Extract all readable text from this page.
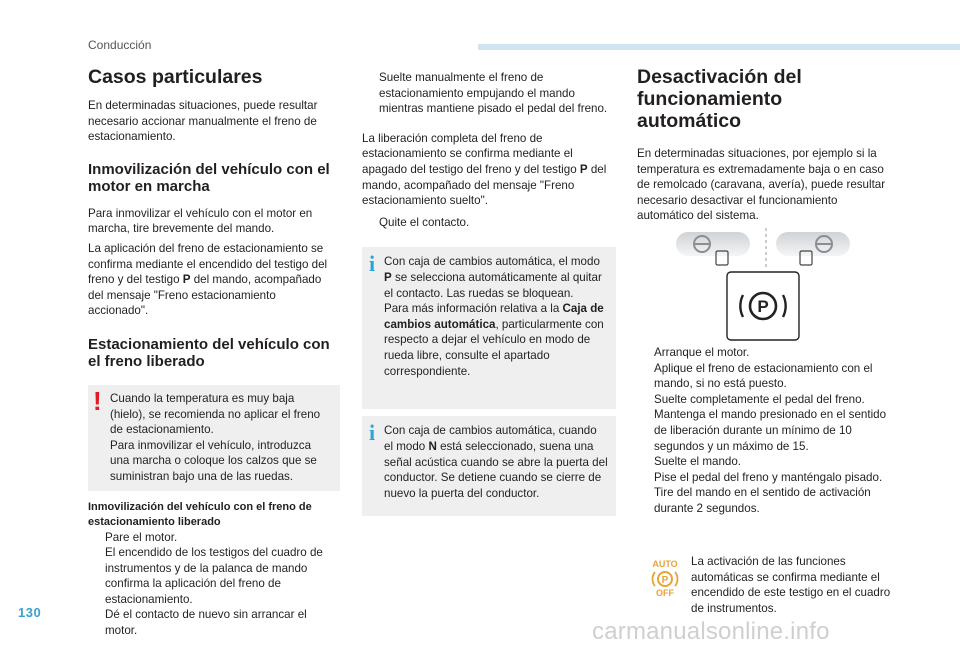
Conducción
Casos particulares

En determinadas situaciones, puede resultar necesario accionar manualmente el freno de estacionamiento.

Inmovilización del vehículo con el motor en marcha

Para inmovilizar el vehículo con el motor en marcha, tire brevemente del mando.

La aplicación del freno de estacionamiento se confirma mediante el encendido del testigo del freno y del testigo P del mando, acompañado del mensaje "Freno estacionamiento accionado".

Estacionamiento del vehículo con el freno liberado
! Cuando la temperatura es muy baja (hielo), se recomienda no aplicar el freno de estacionamiento.

Para inmovilizar el vehículo, introduzca una marcha o coloque los calzos que se suministran bajo una de las ruedas.

Inmovilización del vehículo con el freno de estacionamiento liberado

Pare el motor.

El encendido de los testigos del cuadro de instrumentos y de la palanca de mando confirma la aplicación del freno de estacionamiento.

Dé el contacto de nuevo sin arrancar el motor.

Suelte manualmente el freno de estacionamiento empujando el mando mientras mantiene pisado el pedal del freno.

La liberación completa del freno de estacionamiento se confirma mediante el apagado del testigo del freno y del testigo P del mando, acompañado del mensaje "Freno estacionamiento suelto".

Quite el contacto.

i Con caja de cambios automática, el modo P se selecciona automáticamente al quitar el contacto. Las ruedas se bloquean.

Para más información relativa a la Caja de cambios automática, particularmente con respecto a dejar el vehículo en modo de rueda libre, consulte el apartado correspondiente.

i Con caja de cambios automática, cuando el modo N está seleccionado, suena una señal acústica cuando se abre la puerta del conductor. Se detiene cuando se cierre de nuevo la puerta del conductor.

Desactivación del funcionamiento automático

En determinadas situaciones, por ejemplo si la temperatura es extremadamente baja o en caso de remolcado (caravana, avería), puede resultar necesario desactivar el funcionamiento automático del sistema.

P

Arranque el motor.

Aplique el freno de estacionamiento con el mando, si no está puesto.

Suelte completamente el pedal del freno.

Mantenga el mando presionado en el sentido de liberación durante un mínimo de 10 segundos y un máximo de 15.

Suelte el mando.

Pise el pedal del freno y manténgalo pisado.

Tire del mando en el sentido de activación durante 2 segundos.

AUTO
P
OFF
La activación de las funciones automáticas se confirma mediante el encendido de este testigo en el cuadro de instrumentos.
130
carmanualsonline.info
